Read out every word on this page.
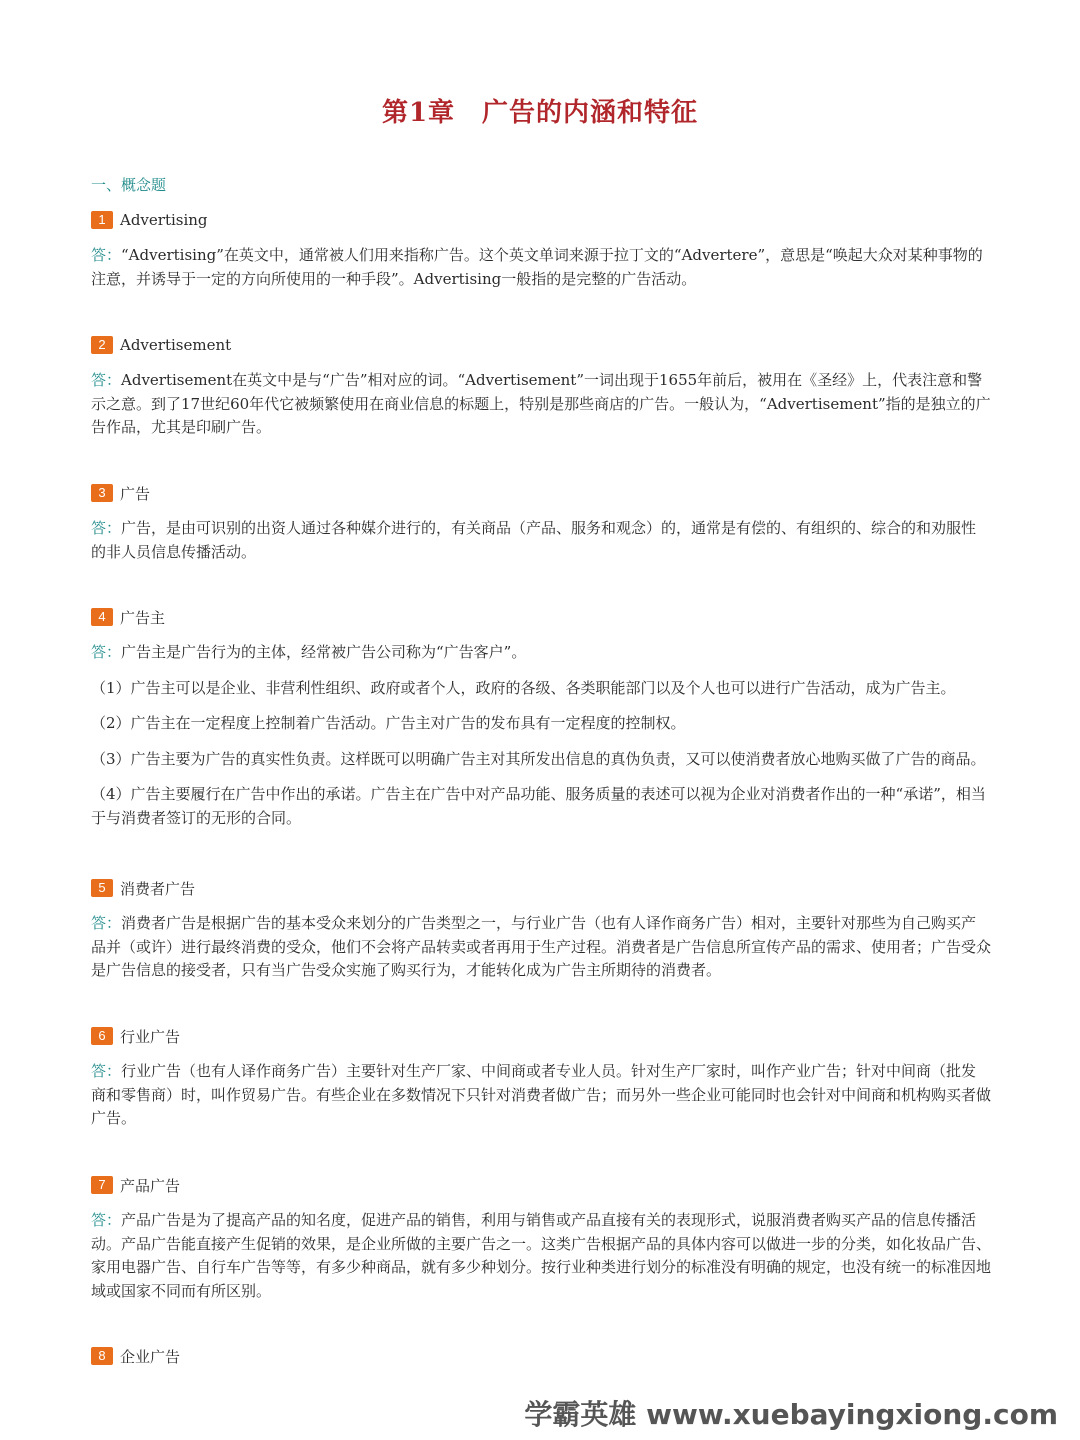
第1章　广告的内涵和特征
一、概念题
1 Advertising

答：“Advertising”在英文中，通常被人们用来指称广告。这个英文单词来源于拉丁文的“Advertere”，意思是“唤起大众对某种事物的注意，并诱导于一定的方向所使用的一种手段”。Advertising一般指的是完整的广告活动。

2 Advertisement

答：Advertisement在英文中是与“广告”相对应的词。“Advertisement”一词出现于1655年前后，被用在《圣经》上，代表注意和警示之意。到了17世纪60年代它被频繁使用在商业信息的标题上，特别是那些商店的广告。一般认为，“Advertisement”指的是独立的广告作品，尤其是印刷广告。

3 广告

答：广告，是由可识别的出资人通过各种媒介进行的，有关商品（产品、服务和观念）的，通常是有偿的、有组织的、综合的和劝服性的非人员信息传播活动。

4 广告主

答：广告主是广告行为的主体，经常被广告公司称为“广告客户”。

（1）广告主可以是企业、非营利性组织、政府或者个人，政府的各级、各类职能部门以及个人也可以进行广告活动，成为广告主。

（2）广告主在一定程度上控制着广告活动。广告主对广告的发布具有一定程度的控制权。

（3）广告主要为广告的真实性负责。这样既可以明确广告主对其所发出信息的真伪负责，又可以使消费者放心地购买做了广告的商品。

（4）广告主要履行在广告中作出的承诺。广告主在广告中对产品功能、服务质量的表述可以视为企业对消费者作出的一种“承诺”，相当于与消费者签订的无形的合同。

5 消费者广告

答：消费者广告是根据广告的基本受众来划分的广告类型之一，与行业广告（也有人译作商务广告）相对，主要针对那些为自己购买产品并（或许）进行最终消费的受众，他们不会将产品转卖或者再用于生产过程。消费者是广告信息所宣传产品的需求、使用者；广告受众是广告信息的接受者，只有当广告受众实施了购买行为，才能转化成为广告主所期待的消费者。

6 行业广告

答：行业广告（也有人译作商务广告）主要针对生产厂家、中间商或者专业人员。针对生产厂家时，叫作产业广告；针对中间商（批发商和零售商）时，叫作贸易广告。有些企业在多数情况下只针对消费者做广告；而另外一些企业可能同时也会针对中间商和机构购买者做广告。

7 产品广告

答：产品广告是为了提高产品的知名度，促进产品的销售，利用与销售或产品直接有关的表现形式，说服消费者购买产品的信息传播活动。产品广告能直接产生促销的效果，是企业所做的主要广告之一。这类广告根据产品的具体内容可以做进一步的分类，如化妆品广告、家用电器广告、自行车广告等等，有多少种商品，就有多少种划分。按行业种类进行划分的标准没有明确的规定，也没有统一的标准因地域或国家不同而有所区别。

8 企业广告
学霸英雄 www.xuebayingxiong.com
